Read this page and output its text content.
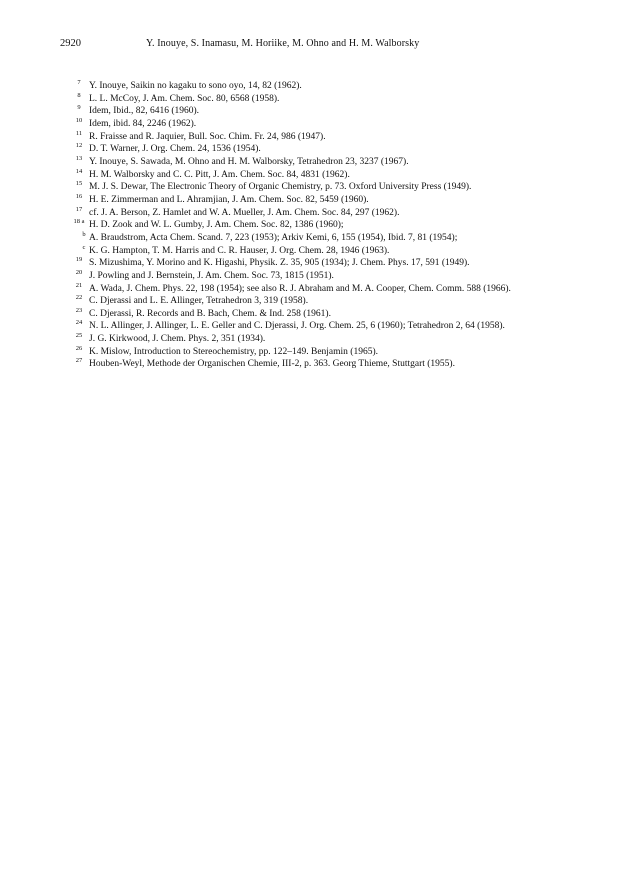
2920	Y. Inouye, S. Inamasu, M. Horiike, M. Ohno and H. M. Walborsky
7 Y. Inouye, Saikin no kagaku to sono oyo, 14, 82 (1962).
8 L. L. McCoy, J. Am. Chem. Soc. 80, 6568 (1958).
9 Idem, Ibid., 82, 6416 (1960).
10 Idem, ibid. 84, 2246 (1962).
11 R. Fraisse and R. Jaquier, Bull. Soc. Chim. Fr. 24, 986 (1947).
12 D. T. Warner, J. Org. Chem. 24, 1536 (1954).
13 Y. Inouye, S. Sawada, M. Ohno and H. M. Walborsky, Tetrahedron 23, 3237 (1967).
14 H. M. Walborsky and C. C. Pitt, J. Am. Chem. Soc. 84, 4831 (1962).
15 M. J. S. Dewar, The Electronic Theory of Organic Chemistry, p. 73. Oxford University Press (1949).
16 H. E. Zimmerman and L. Ahramjian, J. Am. Chem. Soc. 82, 5459 (1960).
17 cf. J. A. Berson, Z. Hamlet and W. A. Mueller, J. Am. Chem. Soc. 84, 297 (1962).
18 a H. D. Zook and W. L. Gumby, J. Am. Chem. Soc. 82, 1386 (1960);
b A. Braudstrom, Acta Chem. Scand. 7, 223 (1953); Arkiv Kemi, 6, 155 (1954), Ibid. 7, 81 (1954);
c K. G. Hampton, T. M. Harris and C. R. Hauser, J. Org. Chem. 28, 1946 (1963).
19 S. Mizushima, Y. Morino and K. Higashi, Physik. Z. 35, 905 (1934); J. Chem. Phys. 17, 591 (1949).
20 J. Powling and J. Bernstein, J. Am. Chem. Soc. 73, 1815 (1951).
21 A. Wada, J. Chem. Phys. 22, 198 (1954); see also R. J. Abraham and M. A. Cooper, Chem. Comm. 588 (1966).
22 C. Djerassi and L. E. Allinger, Tetrahedron 3, 319 (1958).
23 C. Djerassi, R. Records and B. Bach, Chem. & Ind. 258 (1961).
24 N. L. Allinger, J. Allinger, L. E. Geller and C. Djerassi, J. Org. Chem. 25, 6 (1960); Tetrahedron 2, 64 (1958).
25 J. G. Kirkwood, J. Chem. Phys. 2, 351 (1934).
26 K. Mislow, Introduction to Stereochemistry, pp. 122–149. Benjamin (1965).
27 Houben-Weyl, Methode der Organischen Chemie, III-2, p. 363. Georg Thieme, Stuttgart (1955).
